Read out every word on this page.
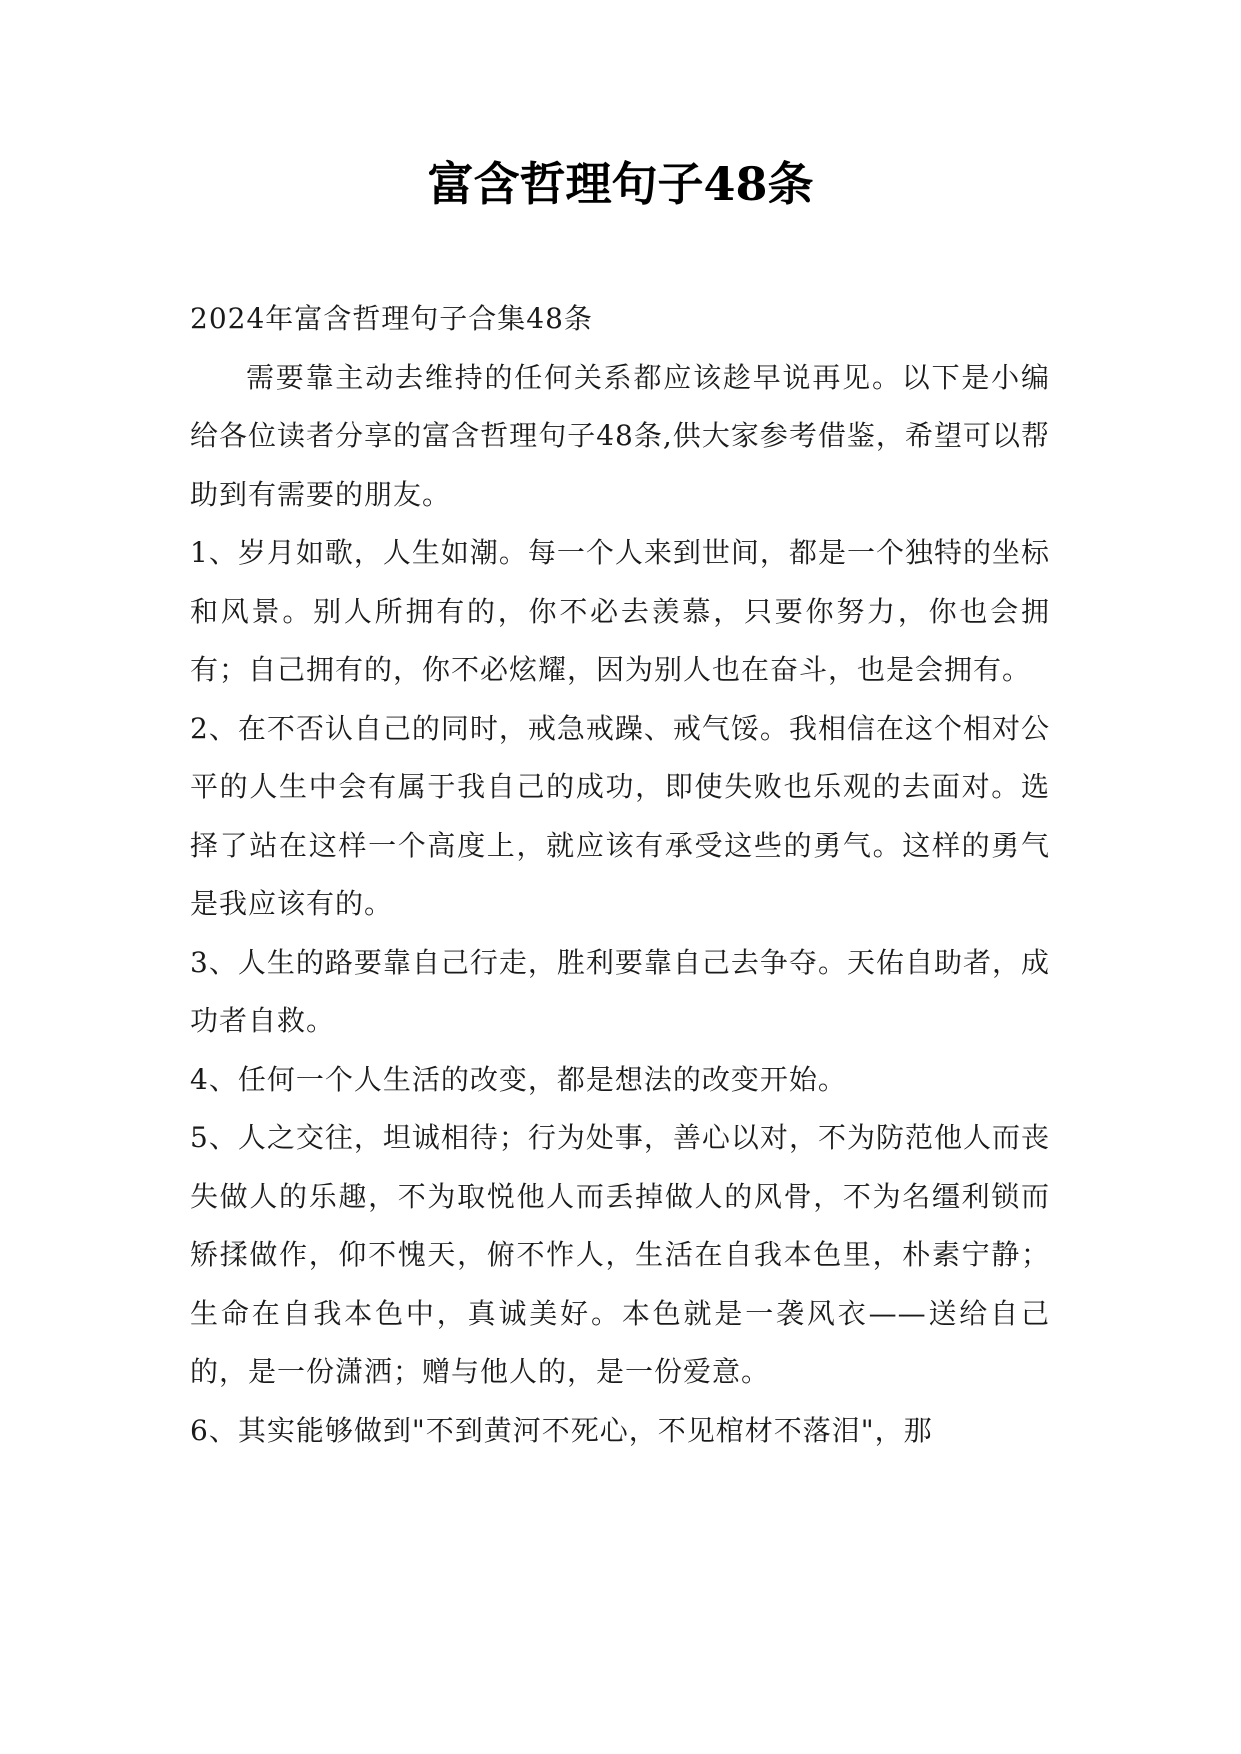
富含哲理句子48条

2024年富含哲理句子合集48条

需要靠主动去维持的任何关系都应该趁早说再见。以下是小编给各位读者分享的富含哲理句子48条,供大家参考借鉴，希望可以帮助到有需要的朋友。

1、岁月如歌，人生如潮。每一个人来到世间，都是一个独特的坐标和风景。别人所拥有的，你不必去羡慕，只要你努力，你也会拥有；自己拥有的，你不必炫耀，因为别人也在奋斗，也是会拥有。

2、在不否认自己的同时，戒急戒躁、戒气馁。我相信在这个相对公平的人生中会有属于我自己的成功，即使失败也乐观的去面对。选择了站在这样一个高度上，就应该有承受这些的勇气。这样的勇气是我应该有的。

3、人生的路要靠自己行走，胜利要靠自己去争夺。天佑自助者，成功者自救。

4、任何一个人生活的改变，都是想法的改变开始。

5、人之交往，坦诚相待；行为处事，善心以对，不为防范他人而丧失做人的乐趣，不为取悦他人而丢掉做人的风骨，不为名缰利锁而矫揉做作，仰不愧天，俯不怍人，生活在自我本色里，朴素宁静；生命在自我本色中，真诚美好。本色就是一袭风衣——送给自己的，是一份潇洒；赠与他人的，是一份爱意。

6、其实能够做到"不到黄河不死心，不见棺材不落泪"，那
